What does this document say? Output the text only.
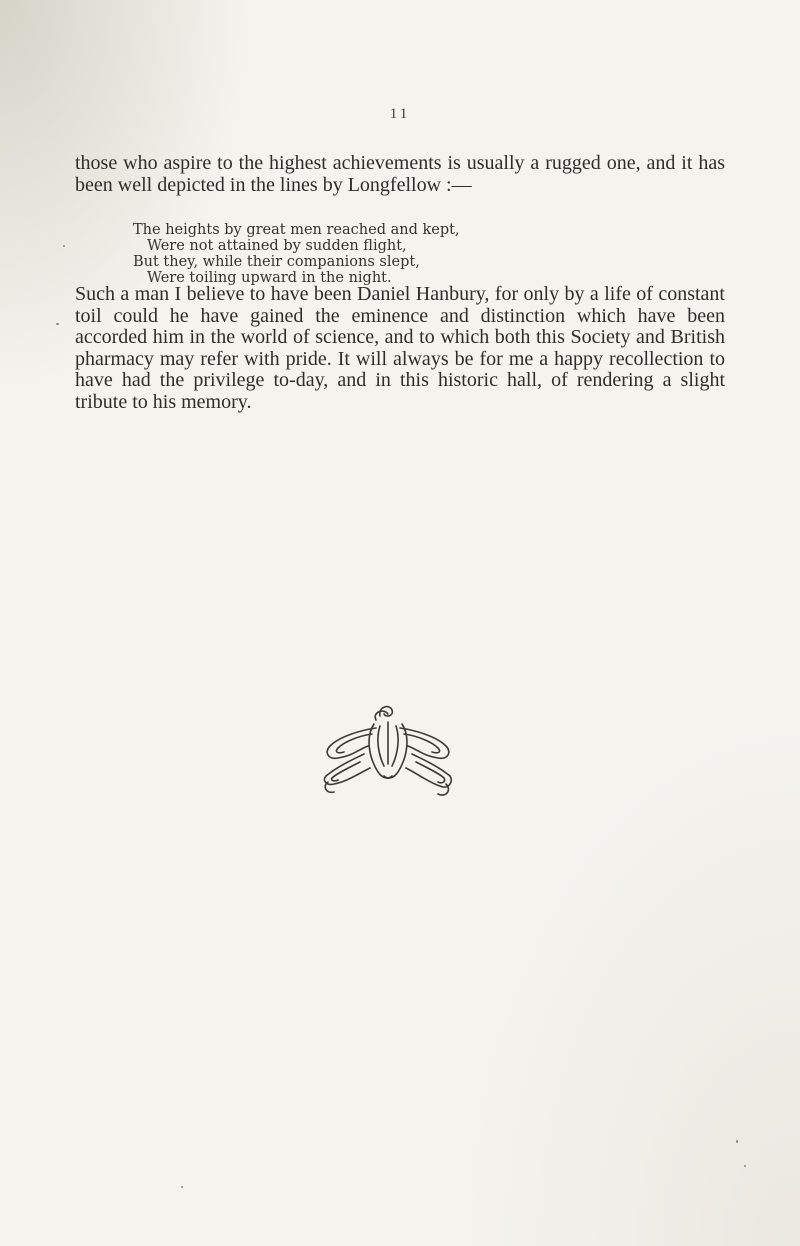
11

those who aspire to the highest achievements is usually a rugged one, and it has been well depicted in the lines by Longfellow :—

The heights by great men reached and kept,
Were not attained by sudden flight,
But they, while their companions slept,
Were toiling upward in the night.

Such a man I believe to have been Daniel Hanbury, for only by a life of constant toil could he have gained the eminence and distinction which have been accorded him in the world of science, and to which both this Society and British pharmacy may refer with pride. It will always be for me a happy recollection to have had the privilege to-day, and in this historic hall, of rendering a slight tribute to his memory.
